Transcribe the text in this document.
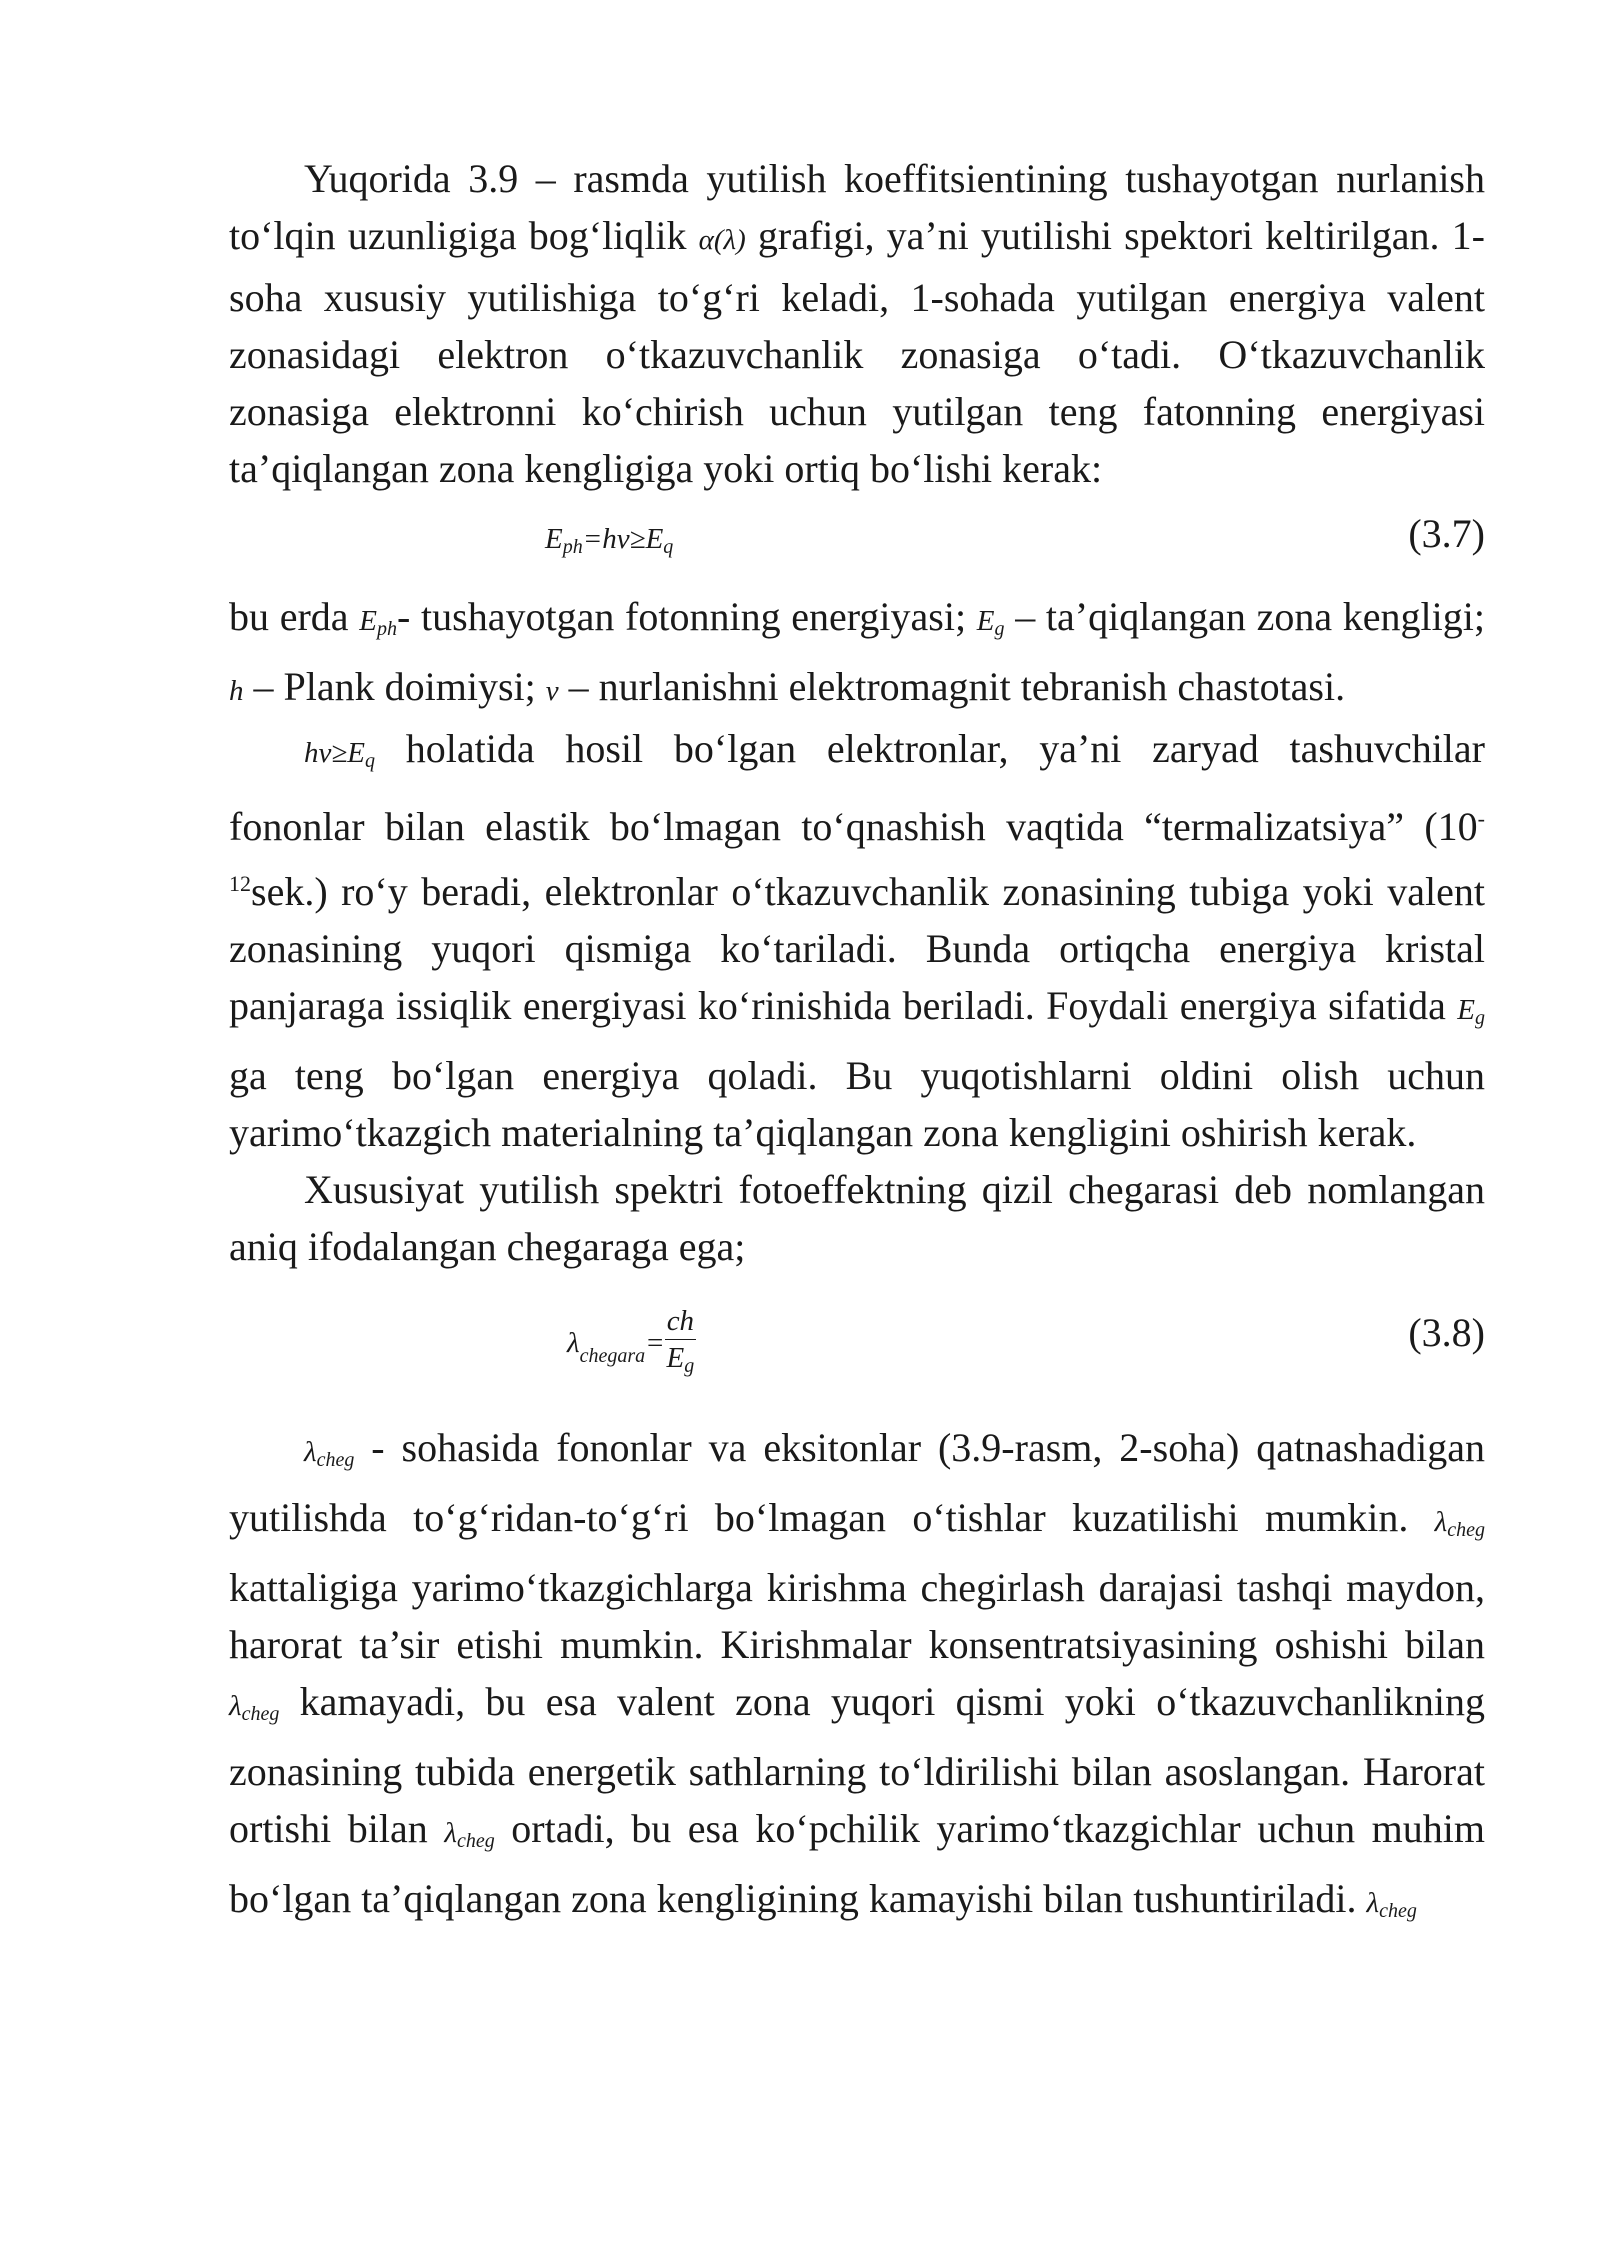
Yuqorida 3.9 – rasmda yutilish koeffitsientining tushayotgan nurlanish to‘lqin uzunligiga bog‘liqlik α(λ) grafigi, ya’ni yutilishi spektori keltirilgan. 1-soha xususiy yutilishiga to‘g‘ri keladi, 1-sohada yutilgan energiya valent zonasidagi elektron o‘tkazuvchanlik zonasiga o‘tadi. O‘tkazuvchanlik zonasiga elektronni ko‘chirish uchun yutilgan teng fatonning energiyasi ta’qiqlangan zona kengligiga yoki ortiq bo‘lishi kerak:

$E_{ph}=h\nu\ge E_q$	(3.7)

bu erda $E_{ph}-$ tushayotgan fotonning energiyasi; $E_g$ – ta’qiqlangan zona kengligi; h – Plank doimiysi; ν – nurlanishni elektromagnit tebranish chastotasi.

$h\nu\ge E_q$ holatida hosil bo‘lgan elektronlar, ya’ni zaryad tashuvchilar fononlar bilan elastik bo‘lmagan to‘qnashish vaqtida “termalizatsiya” $(10^{-12}sek.)$ ro‘y beradi, elektronlar o‘tkazuvchanlik zonasining tubiga yoki valent zonasining yuqori qismiga ko‘tariladi. Bunda ortiqcha energiya kristal panjaraga issiqlik energiyasi ko‘rinishida beriladi. Foydali energiya sifatida $E_g$ ga teng bo‘lgan energiya qoladi. Bu yuqotishlarni oldini olish uchun yarimo‘tkazgich materialning ta’qiqlangan zona kengligini oshirish kerak.

Xususiyat yutilish spektri fotoeffektning qizil chegarasi deb nomlangan aniq ifodalangan chegaraga ega;

$\lambda_{chegara}= \frac{ch}{E_g}$	(3.8)

$\lambda_{cheg}$ - sohasida fononlar va eksitonlar (3.9-rasm, 2-soha) qatnashadigan yutilishda to‘g‘ridan-to‘g‘ri bo‘lmagan o‘tishlar kuzatilishi mumkin. $\lambda_{cheg}$ kattaligiga yarimo‘tkazgichlarga kirishma chegirlash darajasi tashqi maydon, harorat ta’sir etishi mumkin. Kirishmalar konsentratsiyasining oshishi bilan $\lambda_{cheg}$ kamayadi, bu esa valent zona yuqori qismi yoki o‘tkazuvchanlikning zonasining tubida energetik sathlarning to‘ldirilishi bilan asoslangan. Harorat ortishi bilan $\lambda_{cheg}$ ortadi, bu esa ko‘pchilik yarimo‘tkazgichlar uchun muhim bo‘lgan ta’qiqlangan zona kengligining kamayishi bilan tushuntiriladi. $\lambda_{cheg}$
